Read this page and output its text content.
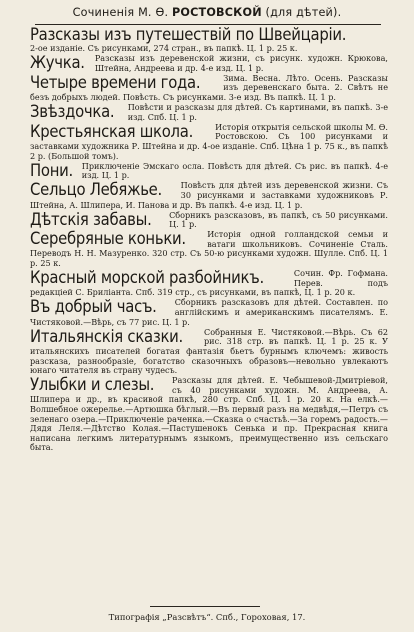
Сочиненія М. Ѳ. РОСТОВСКОЙ (для дѣтей).
Разсказы изъ путешествій по Швейцаріи.
2-ое изданіе. Съ рисунками, 274 стран., въ папкѣ. Ц. 1 р. 25 к.
Жучка. Разсказы изъ деревенской жизни, съ рисунк. художн. Крюкова, Штейна, Андреева и др. 4-е изд. Ц. 1 р.
Четыре времени года.	Зима. Весна. Лѣто. Осень. Разсказы изъ деревенскаго быта. 2. Свѣтъ не безъ добрыхъ людей. Повѣсть. Съ рисунками. 3-е изд. Въ папкѣ. Ц. 1 р.
Звѣздочка. Повѣсти и разсказы для дѣтей. Съ картинами, въ папкѣ. 3-е изд. Спб. Ц. 1 р.
Крестьянская школа.	Исторія открытія сельской школы М. Ѳ. Ростовскою. Съ 100 рисунками и заставками художника Р. Штейна и др. 4-ое изданіе. Спб. Цѣна 1 р. 75 к., въ папкѣ 2 р. (Большой томъ).
Пони. Приключеніе Эмскаго осла. Повѣсть для дѣтей. Съ рис. въ папкѣ. 4-е изд. Ц. 1 р.
Сельцо Лебяжье. Повѣсть для дѣтей изъ деревенской жизни. Съ 30 рисунками и заставками художниковъ Р. Штейна, А. Шлипера, И. Панова и др. Въ папкѣ. 4-е изд. Ц. 1 р.
Дѣтскія забавы. Сборникъ разсказовъ, въ папкѣ, съ 50 рисунками. Ц. 1 р.
Серебряные коньки.	Исторія одной голландской семьи и ватаги школьниковъ. Сочиненіе Сталь. Переводъ Н. Н. Мазуренко. 320 стр. Съ 50-ю рисунками художн. Шулле. Спб. Ц. 1 р. 25 к.
Красный морской разбойникъ.	Сочин. Фр. Гофмана. Перев. подъ редакціей С. Бриліанта. Спб. 319 стр., съ рисунками, въ папкѣ, Ц. 1 р. 20 к.
Въ добрый часъ. Сборникъ разсказовъ для дѣтей. Составлен. по англійскимъ и американскимъ писателямъ. Е. Чистяковой.—Вѣрь, съ 77 рис. Ц. 1 р.
Итальянскія сказки.	Собранныя Е. Чистяковой.—Вѣрь. Съ 62 рис. 318 стр. въ папкѣ. Ц. 1 р. 25 к. У итальянскихъ писателей богатая фантазія бьетъ бурнымъ ключемъ: живость разсказа, разнообразіе, богатство сказочныхъ образовъ—невольно увлекаютъ юнаго читателя въ страну чудесъ.
Улыбки и слезы. Разсказы для дѣтей. Е. Чебышевой-Дмитріевой, съ 40 рисунками художн. М. Андреева, А. Шлипера и др., въ красивой папкѣ, 280 стр. Спб. Ц. 1 р. 20 к. На елкѣ.—Волшебное ожерелье.—Артюшка бѣглый.—Въ первый разъ на медвѣдя,—Петръ съ зеленаго озера.—Приключеніе раченка.—Сказка о счастьѣ.—За горемъ радость.—Дядя Леля.—Дѣтство Колая.—Пастушенокъ Сенька и пр. Прекрасная книга написана легкимъ литературнымъ языкомъ, преимущественно изъ сельскаго быта.
Типографія „Разсвѣтъ“. Спб., Гороховая, 17.
